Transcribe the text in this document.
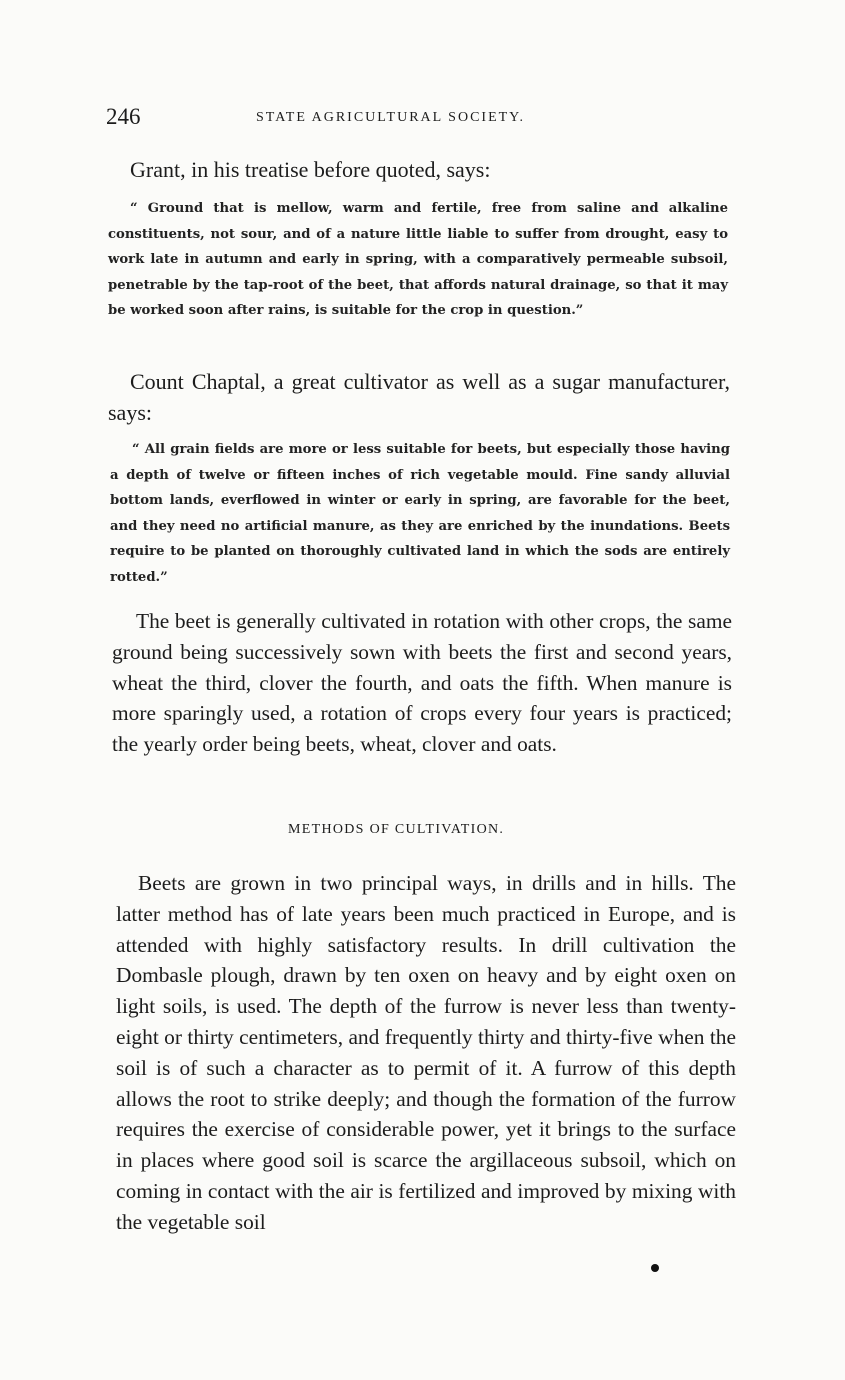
246	STATE AGRICULTURAL SOCIETY.

Grant, in his treatise before quoted, says:

“ Ground that is mellow, warm and fertile, free from saline and alkaline constituents, not sour, and of a nature little liable to suffer from drought, easy to work late in autumn and early in spring, with a comparatively permeable subsoil, penetrable by the tap-root of the beet, that affords natural drainage, so that it may be worked soon after rains, is suitable for the crop in question.”

Count Chaptal, a great cultivator as well as a sugar manufacturer, says:

“ All grain fields are more or less suitable for beets, but especially those having a depth of twelve or fifteen inches of rich vegetable mould. Fine sandy alluvial bottom lands, everflowed in winter or early in spring, are favorable for the beet, and they need no artificial manure, as they are enriched by the inundations. Beets require to be planted on thoroughly cultivated land in which the sods are entirely rotted.”

The beet is generally cultivated in rotation with other crops, the same ground being successively sown with beets the first and second years, wheat the third, clover the fourth, and oats the fifth. When manure is more sparingly used, a rotation of crops every four years is practiced; the yearly order being beets, wheat, clover and oats.

METHODS OF CULTIVATION.

Beets are grown in two principal ways, in drills and in hills. The latter method has of late years been much practiced in Europe, and is attended with highly satisfactory results. In drill cultivation the Dombasle plough, drawn by ten oxen on heavy and by eight oxen on light soils, is used. The depth of the furrow is never less than twenty-eight or thirty centimeters, and frequently thirty and thirty-five when the soil is of such a character as to permit of it. A furrow of this depth allows the root to strike deeply; and though the formation of the furrow requires the exercise of considerable power, yet it brings to the surface in places where good soil is scarce the argillaceous subsoil, which on coming in contact with the air is fertilized and improved by mixing with the vegetable soil
